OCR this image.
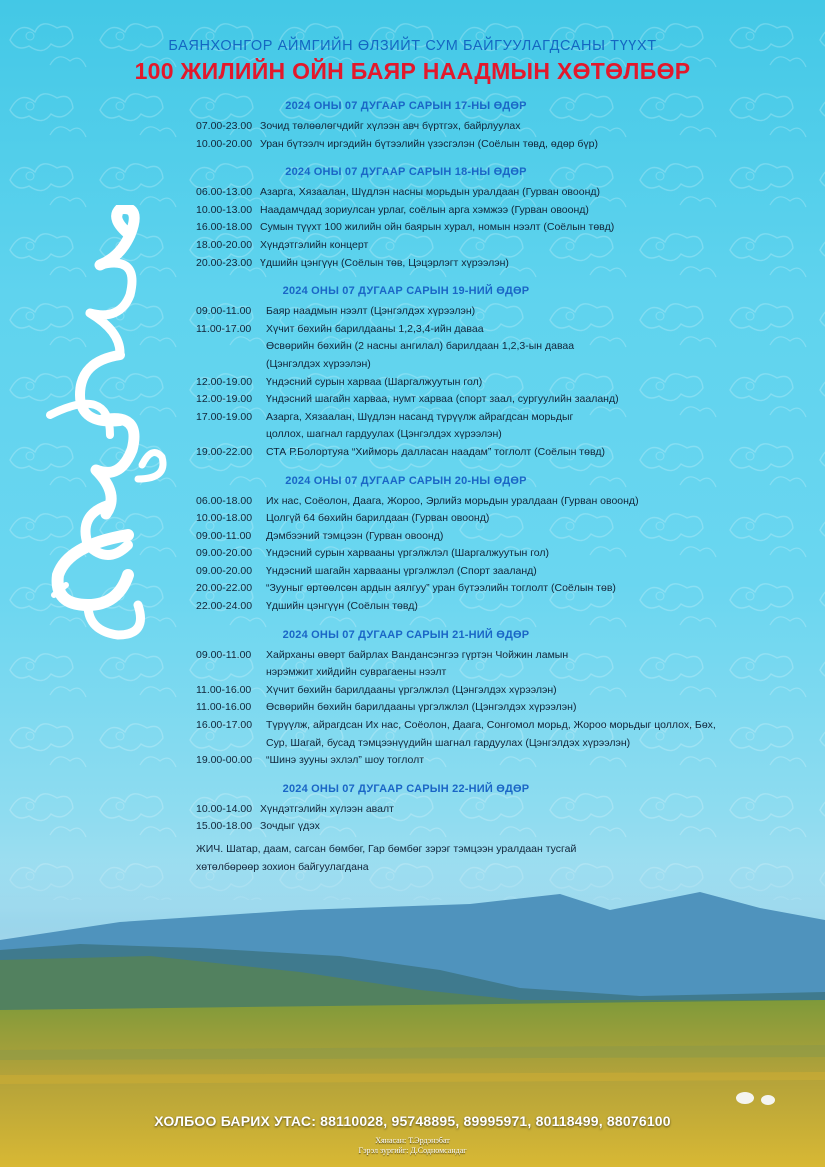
БАЯНХОНГОР АЙМГИЙН ӨЛЗИЙТ СУМ БАЙГУУЛАГДСАНЫ ТҮҮХТ
100 ЖИЛИЙН ОЙН БАЯР НААДМЫН ХӨТӨЛБӨР
2024 ОНЫ 07 ДУГААР САРЫН 17-НЫ ӨДӨР
07.00-23.00 Зочид төлөөлөгчдийг хүлээн авч бүртгэх, байрлуулах
10.00-20.00 Уран бүтээлч иргэдийн бүтээлийн үзэсгэлэн (Соёлын төвд, өдөр бүр)
2024 ОНЫ 07 ДУГААР САРЫН 18-НЫ ӨДӨР
06.00-13.00 Азарга, Хязаалан, Шүдлэн насны морьдын уралдаан (Гурван овоонд)
10.00-13.00 Наадамчдад зориулсан урлаг, соёлын арга хэмжээ (Гурван овоонд)
16.00-18.00 Сумын түүхт 100 жилийн ойн баярын хурал, номын нээлт (Соёлын төвд)
18.00-20.00 Хүндэтгэлийн концерт
20.00-23.00 Үдшийн цэнгүүн (Соёлын төв, Цэцэрлэгт хүрээлэн)
2024 ОНЫ 07 ДУГААР САРЫН 19-НИЙ ӨДӨР
09.00-11.00	Баяр наадмын нээлт (Цэнгэлдэх хүрээлэн)
11.00-17.00	Хүчит бөхийн барилдааны 1,2,3,4-ийн даваа
Өсвөрийн бөхийн (2 насны ангилал) барилдаан 1,2,3-ын даваа
(Цэнгэлдэх хүрээлэн)
12.00-19.00	Үндэсний сурын харваа (Шаргалжуутын гол)
12.00-19.00	Үндэсний шагайн харваа, нумт харваа (спорт заал, сургуулийн зааланд)
17.00-19.00	Азарга, Хязаалан, Шүдлэн насанд түрүүлж айрагдсан морьдыг
цоллох, шагнал гардуулах (Цэнгэлдэх хүрээлэн)
19.00-22.00	СТА Р.Болортуяа “Хиймoрь далласан наадам” тоглолт (Соёлын төвд)
2024 ОНЫ 07 ДУГААР САРЫН 20-НЫ ӨДӨР
06.00-18.00	Их нас, Соёолон, Даага, Жороо, Эрлийз морьдын уралдаан (Гурван овоонд)
10.00-18.00	Цолгүй 64 бөхийн барилдаан (Гурван овоонд)
09.00-11.00	Дэмбээний тэмцээн (Гурван овоонд)
09.00-20.00	Үндэсний сурын харвааны үргэлжлэл (Шаргалжуутын гол)
09.00-20.00	Үндэсний шагайн харвааны үргэлжлэл (Спорт зааланд)
20.00-22.00	“Зууныг өртөөлсөн ардын аялгуу” уран бүтээлийн тоглолт (Соёлын төв)
22.00-24.00	Үдшийн цэнгүүн (Соёлын төвд)
2024 ОНЫ 07 ДУГААР САРЫН 21-НИЙ ӨДӨР
09.00-11.00	Хайрханы өвөрт байрлах Вандансэнгээ гүртэн Чойжин ламын
нэрэмжит хийдийн суврагаены нээлт
11.00-16.00	Хүчит бөхийн барилдааны үргэлжлэл (Цэнгэлдэх хүрээлэн)
11.00-16.00	Өсвөрийн бөхийн барилдааны үргэлжлэл (Цэнгэлдэх хүрээлэн)
16.00-17.00	Түрүүлж, айрагдсан Их нас, Соёолон, Даага, Сонгомол морьд, Жороо морьдыг цоллох, Бөх,
Сур, Шагай, бусад тэмцээнүүдийн шагнал гардуулах (Цэнгэлдэх хүрээлэн)
19.00-00.00	“Шинэ зууны эхлэл” шоу тоглолт
2024 ОНЫ 07 ДУГААР САРЫН 22-НИЙ ӨДӨР
10.00-14.00 Хүндэтгэлийн хүлээн авалт
15.00-18.00 Зочдыг үдэх
ЖИЧ. Шатар, даам, сагсан бөмбөг, Гар бөмбөг зэрэг тэмцээн уралдаан тусгай
хөтөлбөрөөр зохион байгуулагдана
ХОЛБОО БАРИХ УТАС: 88110028, 95748895, 89995971, 80118499, 88076100
Хянасан: Т.Эрдэнэбат
Гэрэл зургийг: Д.Содномсандаг
